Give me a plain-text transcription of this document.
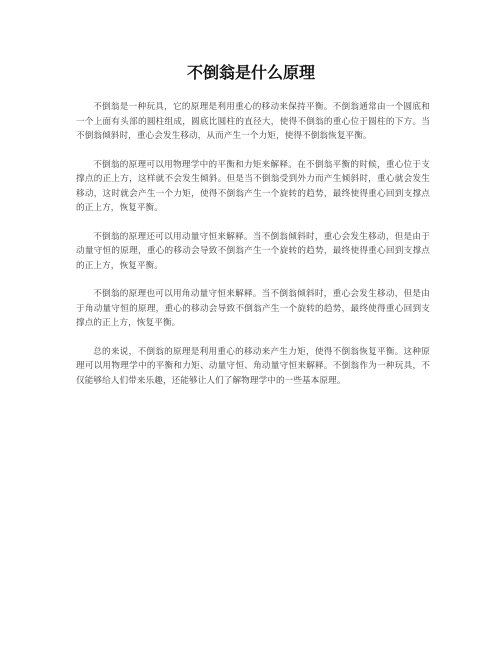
不倒翁是什么原理

不倒翁是一种玩具，它的原理是利用重心的移动来保持平衡。不倒翁通常由一个圆底和一个上面有头部的圆柱组成，圆底比圆柱的直径大，使得不倒翁的重心位于圆柱的下方。当不倒翁倾斜时，重心会发生移动，从而产生一个力矩，使得不倒翁恢复平衡。

不倒翁的原理可以用物理学中的平衡和力矩来解释。在不倒翁平衡的时候，重心位于支撑点的正上方，这样就不会发生倾斜。但是当不倒翁受到外力而产生倾斜时，重心就会发生移动，这时就会产生一个力矩，使得不倒翁产生一个旋转的趋势，最终使得重心回到支撑点的正上方，恢复平衡。

不倒翁的原理还可以用动量守恒来解释。当不倒翁倾斜时，重心会发生移动，但是由于动量守恒的原理，重心的移动会导致不倒翁产生一个旋转的趋势，最终使得重心回到支撑点的正上方，恢复平衡。

不倒翁的原理也可以用角动量守恒来解释。当不倒翁倾斜时，重心会发生移动，但是由于角动量守恒的原理，重心的移动会导致不倒翁产生一个旋转的趋势，最终使得重心回到支撑点的正上方，恢复平衡。

总的来说，不倒翁的原理是利用重心的移动来产生力矩，使得不倒翁恢复平衡。这种原理可以用物理学中的平衡和力矩、动量守恒、角动量守恒来解释。不倒翁作为一种玩具，不仅能够给人们带来乐趣，还能够让人们了解物理学中的一些基本原理。
